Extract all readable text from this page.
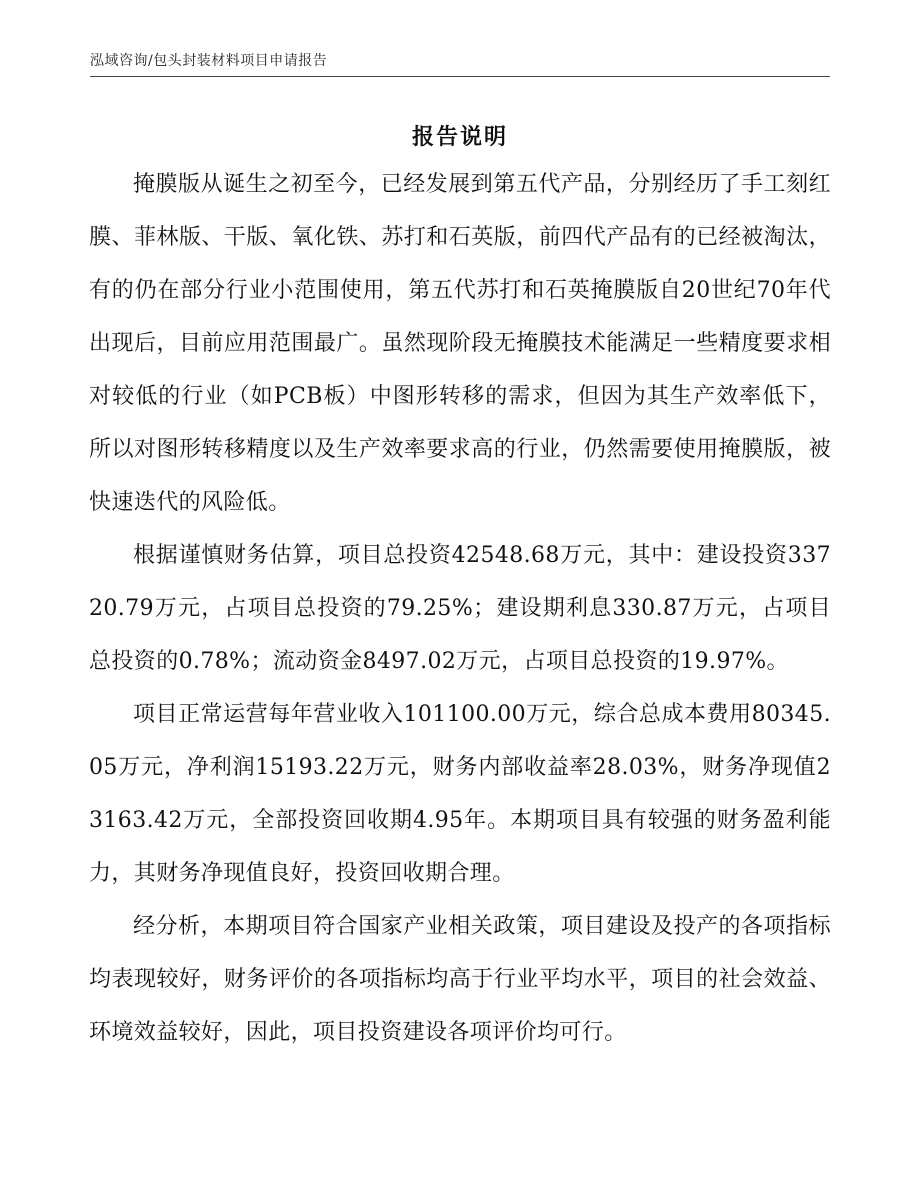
泓域咨询/包头封装材料项目申请报告
报告说明

掩膜版从诞生之初至今，已经发展到第五代产品，分别经历了手工刻红膜、菲林版、干版、氧化铁、苏打和石英版，前四代产品有的已经被淘汰，有的仍在部分行业小范围使用，第五代苏打和石英掩膜版自20世纪70年代出现后，目前应用范围最广。虽然现阶段无掩膜技术能满足一些精度要求相对较低的行业（如PCB板）中图形转移的需求，但因为其生产效率低下，所以对图形转移精度以及生产效率要求高的行业，仍然需要使用掩膜版，被快速迭代的风险低。

根据谨慎财务估算，项目总投资42548.68万元，其中：建设投资33720.79万元，占项目总投资的79.25%；建设期利息330.87万元，占项目总投资的0.78%；流动资金8497.02万元，占项目总投资的19.97%。

项目正常运营每年营业收入101100.00万元，综合总成本费用80345.05万元，净利润15193.22万元，财务内部收益率28.03%，财务净现值23163.42万元，全部投资回收期4.95年。本期项目具有较强的财务盈利能力，其财务净现值良好，投资回收期合理。

经分析，本期项目符合国家产业相关政策，项目建设及投产的各项指标均表现较好，财务评价的各项指标均高于行业平均水平，项目的社会效益、环境效益较好，因此，项目投资建设各项评价均可行。
